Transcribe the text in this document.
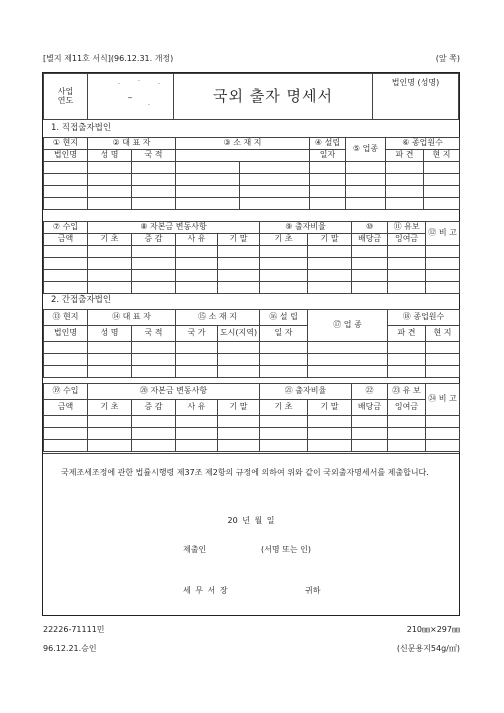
[별지 제11호 서식](96.12.31. 개정)	(앞 쪽)
사업
연도	
·	·	·
_
·
	국외 출자 명세서	법인명 (성명)
1. 직접출자법인
① 현지	② 대 표 자		③ 소 재 지		④ 설립	⑤ 업종	⑥ 종업원수	
법인명	성 명	국 적			일자		파 견	현 지

⑦ 수입	⑧ 자본금 변동사항				⑨ 출자비율		⑩	⑪ 유보	⑫ 비 고
금액	기 초	증 감	사 유	기 말	기 초	기 말	배당금	잉여금	

2. 간접출자법인
⑬ 현지	⑭ 대 표 자		⑮ 소 재 지		⑯ 설 립	⑰ 업 종	⑱ 종업원수	
법인명	성 명	국 적	국 가	도시(지역)	일 자		파 견	현 지

⑲ 수입	⑳ 자본금 변동사항				㉑ 출자비율		㉒	㉓ 유 보	㉔ 비 고
금액	기 초	증 감	사 유	기 말	기 초	기 말	배당금	잉여금	

국제조세조정에 관한 법률시행령 제37조 제2항의 규정에 의하여 위와 같이 국외출자명세서를 제출합니다.
20 년 월 일
제출인	(서명 또는 인)
세 무 서 장	귀하
22226-71111민
96.12.21.승인
210㎜×297㎜
(신문용지54g/㎡)
